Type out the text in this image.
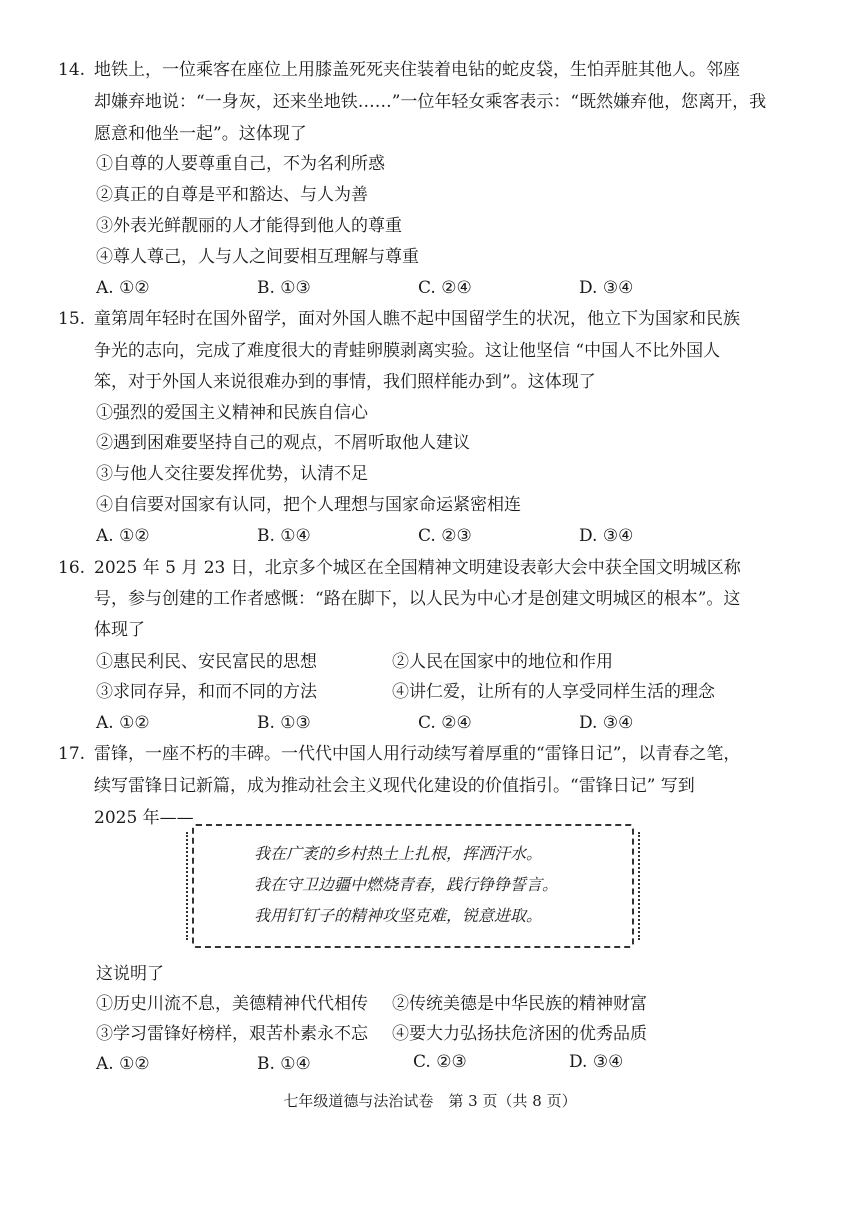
14. 地铁上，一位乘客在座位上用膝盖死死夹住装着电钻的蛇皮袋，生怕弄脏其他人。邻座
却嫌弃地说：“一身灰，还来坐地铁……”一位年轻女乘客表示：“既然嫌弃他，您离开，我
愿意和他坐一起”。这体现了
①自尊的人要尊重自己，不为名利所惑
②真正的自尊是平和豁达、与人为善
③外表光鲜靓丽的人才能得到他人的尊重
④尊人尊己，人与人之间要相互理解与尊重
A. ①②	B. ①③	C. ②④	D. ③④
15. 童第周年轻时在国外留学，面对外国人瞧不起中国留学生的状况，他立下为国家和民族
争光的志向，完成了难度很大的青蛙卵膜剥离实验。这让他坚信 “中国人不比外国人
笨，对于外国人来说很难办到的事情，我们照样能办到”。这体现了
①强烈的爱国主义精神和民族自信心
②遇到困难要坚持自己的观点，不屑听取他人建议
③与他人交往要发挥优势，认清不足
④自信要对国家有认同，把个人理想与国家命运紧密相连
A. ①②	B. ①④	C. ②③	D. ③④
16. 2025 年 5 月 23 日，北京多个城区在全国精神文明建设表彰大会中获全国文明城区称
号，参与创建的工作者感慨：“路在脚下，以人民为中心才是创建文明城区的根本”。这
体现了
①惠民利民、安民富民的思想	②人民在国家中的地位和作用
③求同存异，和而不同的方法	④讲仁爱，让所有的人享受同样生活的理念
A. ①②	B. ①③	C. ②④	D. ③④
17. 雷锋，一座不朽的丰碑。一代代中国人用行动续写着厚重的“雷锋日记”，以青春之笔，
续写雷锋日记新篇，成为推动社会主义现代化建设的价值指引。“雷锋日记” 写到
2025 年——
我在广袤的乡村热土上扎根，挥洒汗水。
我在守卫边疆中燃烧青春，践行铮铮誓言。
我用钉钉子的精神攻坚克难，锐意进取。
这说明了
①历史川流不息，美德精神代代相传 ②传统美德是中华民族的精神财富
③学习雷锋好榜样，艰苦朴素永不忘 ④要大力弘扬扶危济困的优秀品质
A. ①②	B. ①④	C. ②③	D. ③④
七年级道德与法治试卷　第 3 页（共 8 页）
